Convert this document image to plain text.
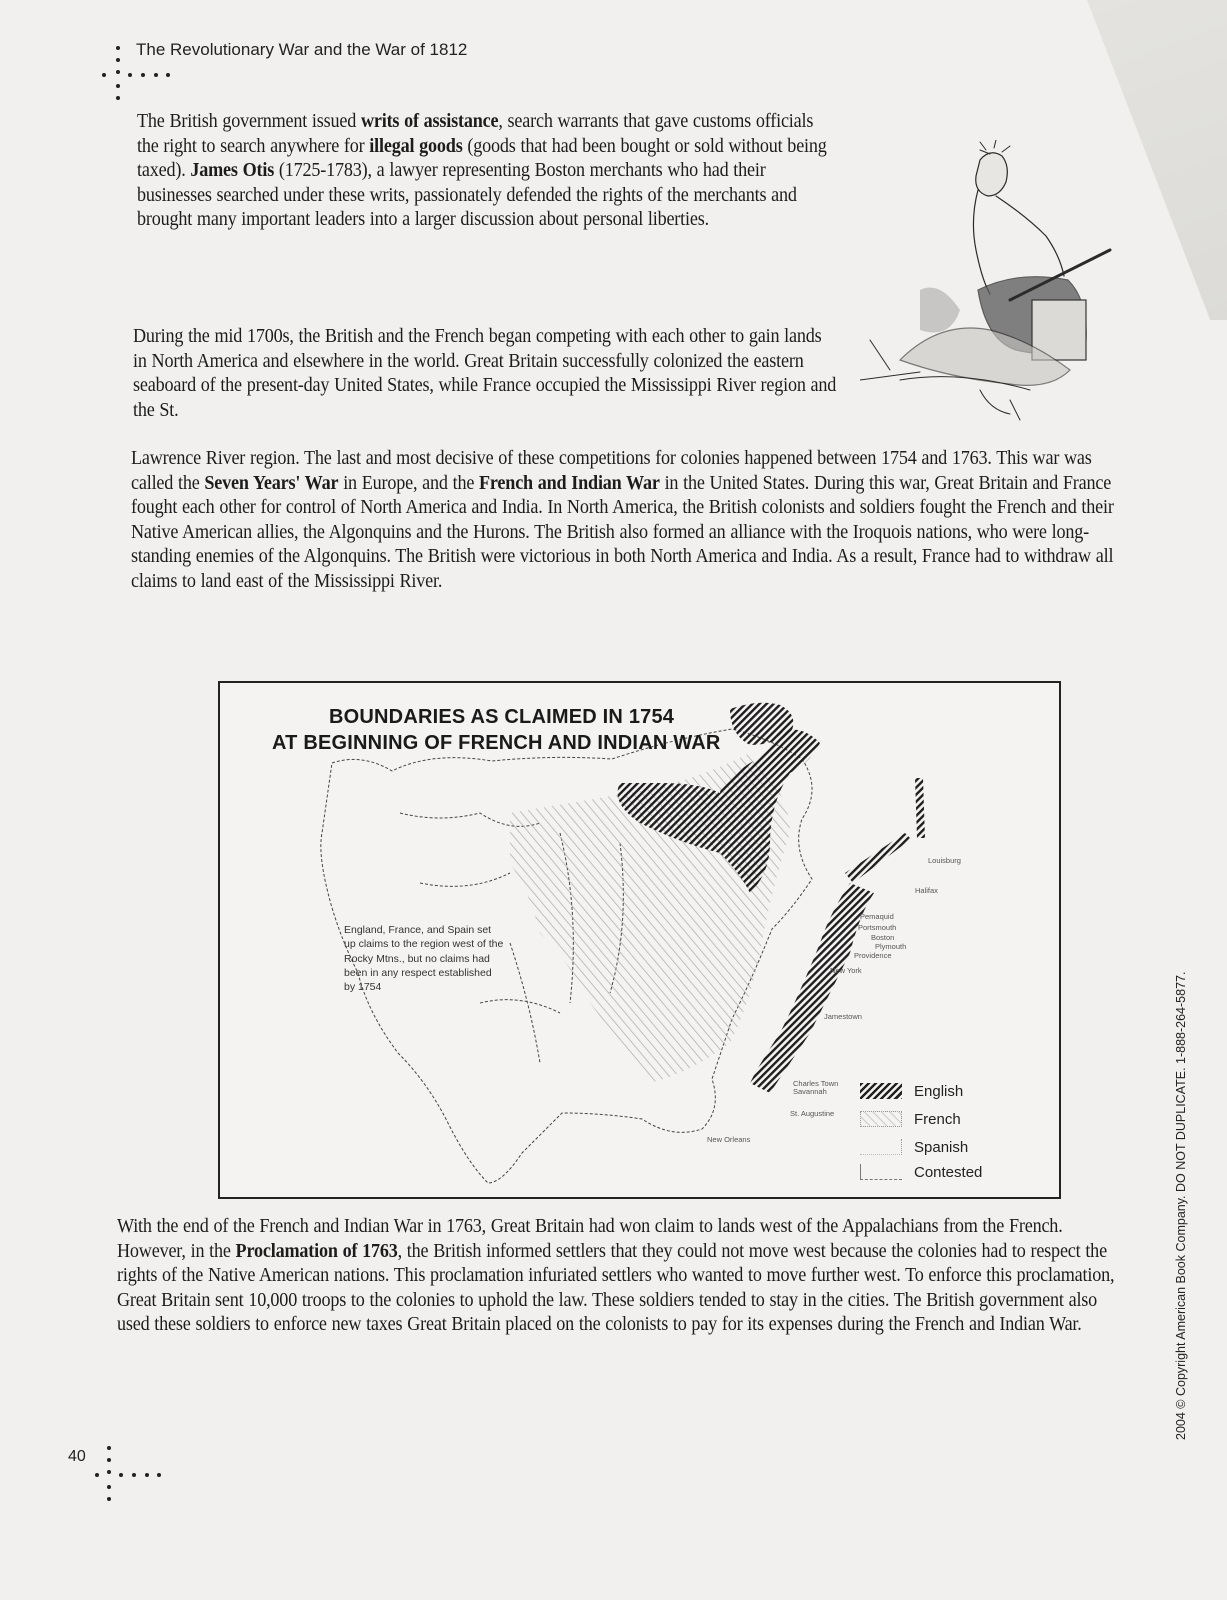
The Revolutionary War and the War of 1812
The British government issued writs of assistance, search warrants that gave customs officials the right to search anywhere for illegal goods (goods that had been bought or sold without being taxed). James Otis (1725-1783), a lawyer representing Boston merchants who had their businesses searched under these writs, passionately defended the rights of the merchants and brought many important leaders into a larger discussion about personal liberties.
During the mid 1700s, the British and the French began competing with each other to gain lands in North America and elsewhere in the world. Great Britain successfully colonized the eastern seaboard of the present-day United States, while France occupied the Mississippi River region and the St.
Lawrence River region. The last and most decisive of these competitions for colonies happened between 1754 and 1763. This war was called the Seven Years' War in Europe, and the French and Indian War in the United States. During this war, Great Britain and France fought each other for control of North America and India. In North America, the British colonists and soldiers fought the French and their Native American allies, the Algonquins and the Hurons. The British also formed an alliance with the Iroquois nations, who were long-standing enemies of the Algonquins. The British were victorious in both North America and India. As a result, France had to withdraw all claims to land east of the Mississippi River.
BOUNDARIES AS CLAIMED IN 1754
AT BEGINNING OF FRENCH AND INDIAN WAR
England, France, and Spain set up claims to the region west of the Rocky Mtns., but no claims had been in any respect established by 1754
Louisburg
Halifax
Pemaquid
Portsmouth
Boston
Plymouth
Providence
New York
Jamestown
Charles Town
Savannah
St. Augustine
New Orleans
English
French
Spanish
Contested
With the end of the French and Indian War in 1763, Great Britain had won claim to lands west of the Appalachians from the French. However, in the Proclamation of 1763, the British informed settlers that they could not move west because the colonies had to respect the rights of the Native American nations. This proclamation infuriated settlers who wanted to move further west. To enforce this proclamation, Great Britain sent 10,000 troops to the colonies to uphold the law. These soldiers tended to stay in the cities. The British government also used these soldiers to enforce new taxes Great Britain placed on the colonists to pay for its expenses during the French and Indian War.
40
2004 © Copyright American Book Company. DO NOT DUPLICATE. 1-888-264-5877.
